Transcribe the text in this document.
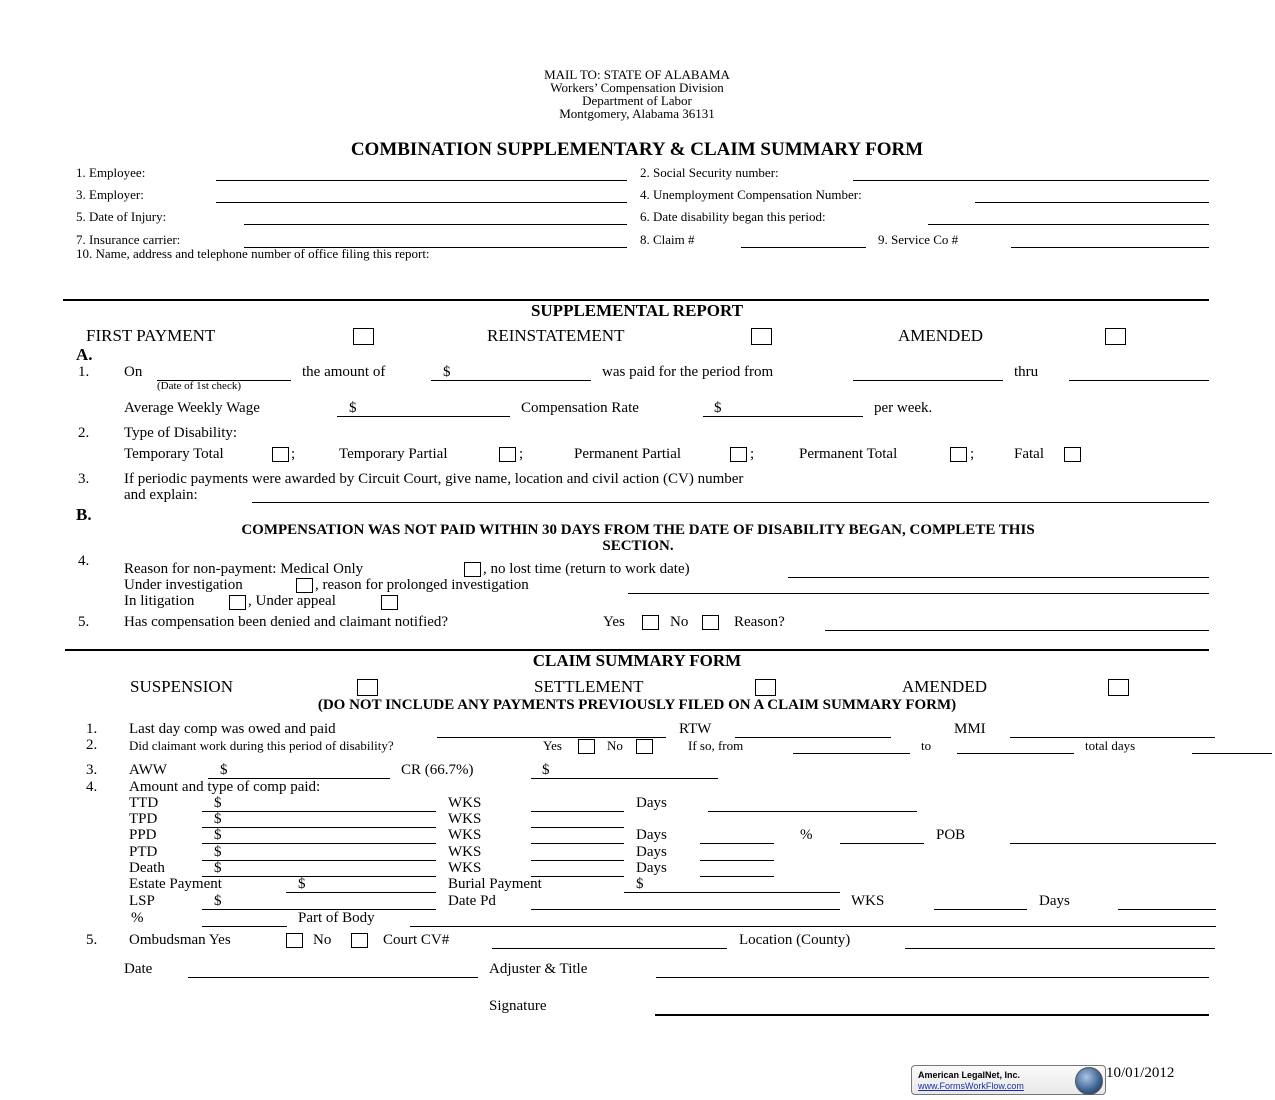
MAIL TO: STATE OF ALABAMA
Workers’ Compensation Division
Department of Labor
Montgomery, Alabama 36131
COMBINATION SUPPLEMENTARY & CLAIM SUMMARY FORM
1. Employee:	2. Social Security number:
3. Employer:	4. Unemployment Compensation Number:
5. Date of Injury:	6. Date disability began this period:
7. Insurance carrier:	8. Claim #	9. Service Co #
10. Name, address and telephone number of office filing this report:
SUPPLEMENTAL REPORT
FIRST PAYMENT	REINSTATEMENT	AMENDED
A.
1. On
(Date of 1st check)
the amount of	$	was paid for the period from	thru
Average Weekly Wage	$	Compensation Rate	$	per week.
2. Type of Disability:
Temporary Total	;	Temporary Partial	;	Permanent Partial	;	Permanent Total	;	Fatal
3. If periodic payments were awarded by Circuit Court, give name, location and civil action (CV) number
and explain:
B.
COMPENSATION WAS NOT PAID WITHIN 30 DAYS FROM THE DATE OF DISABILITY BEGAN, COMPLETE THIS
SECTION.
4. Reason for non-payment: Medical Only	, no lost time (return to work date)
Under investigation	, reason for prolonged investigation
In litigation	, Under appeal
5. Has compensation been denied and claimant notified?	Yes	No	Reason?
CLAIM SUMMARY FORM
SUSPENSION	SETTLEMENT	AMENDED
(DO NOT INCLUDE ANY PAYMENTS PREVIOUSLY FILED ON A CLAIM SUMMARY FORM)
1. Last day comp was owed and paid	RTW	MMI
2. Did claimant work during this period of disability?	Yes	No	If so, from	to	total days
3. AWW	$	CR (66.7%)	$
4. Amount and type of comp paid:
TTD	$	WKS	Days
TPD	$	WKS
PPD	$	WKS	Days	%	POB
PTD	$	WKS	Days
Death	$	WKS	Days
Estate Payment	$	Burial Payment	$
LSP	$	Date Pd	WKS	Days
%	Part of Body
5. Ombudsman Yes	No	Court CV#	Location (County)
Date	Adjuster & Title
Signature
American LegalNet, Inc.
www.FormsWorkFlow.com
10/01/2012
